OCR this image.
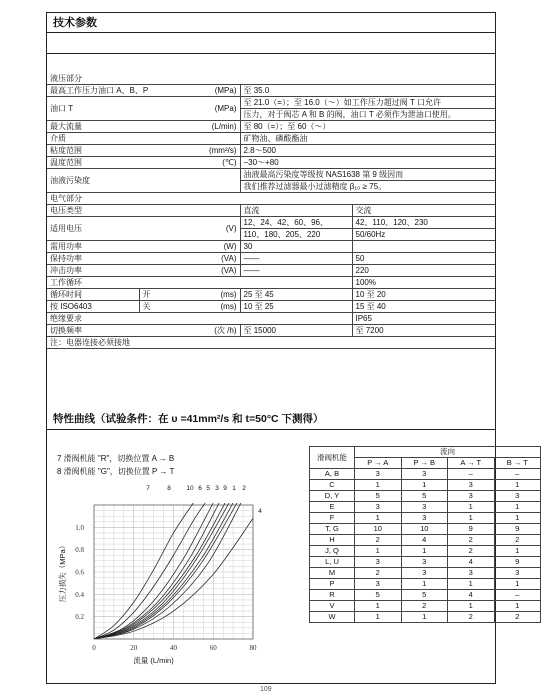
技术参数
液压部分			

最高工作压力油口 A、B、P (MPa)		至 35.0	

油口 T (MPa)		至 21.0（=）；至 16.0（～）如工作压力超过阀 T 口允许	
		压力，对于阀芯 A 和 B 的阀，油口 T 必须作为泄油口使用。	

最大流量 (L/min)		至 80（=）；至 60（～）	

介质		矿物油、磷酸酯油	

粘度范围 (mm²/s)		2.8～500	

温度范围 (℃)		−30～+80	

油液污染度		油液最高污染度等级按 NAS1638 第 9 级因而	
		我们推荐过滤器最小过滤精度 β₁₀ ≥ 75。	
电气部分			
电压类型		直流	交流

适用电压 (V)		12、24、42、60、96、	42、110、120、230
		110、180、205、220	50/60Hz

需用功率 (W)		30	

保持功率 (VA)		——	50

冲击功率 (VA)		——	220
工作循环			100%
循环时间	开 (ms)	25 至 45	10 至 20
按 ISO6403	关 (ms)	10 至 25	15 至 40
绝缘要求			IP65

切换频率 (次 /h)		至 15000	至 7200
注：电器连接必须接地			
特性曲线（试验条件：在 υ =41mm²/s 和 t=50°C 下测得）
7 滑阀机能 "R"，切换位置 A → B
8 滑阀机能 "G"，切换位置 P → T
0	20	40	60	80
0.2
0.4
0.6
0.8
1.0
流量 (L/min)
压力损失（MPa）
7	8 10 6 5 3 9 1 2
4
滑阀机能	流向			
	P → A	P → B	A → T	B → T
A, B	3	3	–	–
C	1	1	3	1
D, Y	5	5	3	3
E	3	3	1	1
F	1	3	1	1
T, G	10	10	9	9
H	2	4	2	2
J, Q	1	1	2	1
L, U	3	3	4	9
M	2	3	3	3
P	3	1	1	1
R	5	5	4	–
V	1	2	1	1
W	1	1	2	2
109
